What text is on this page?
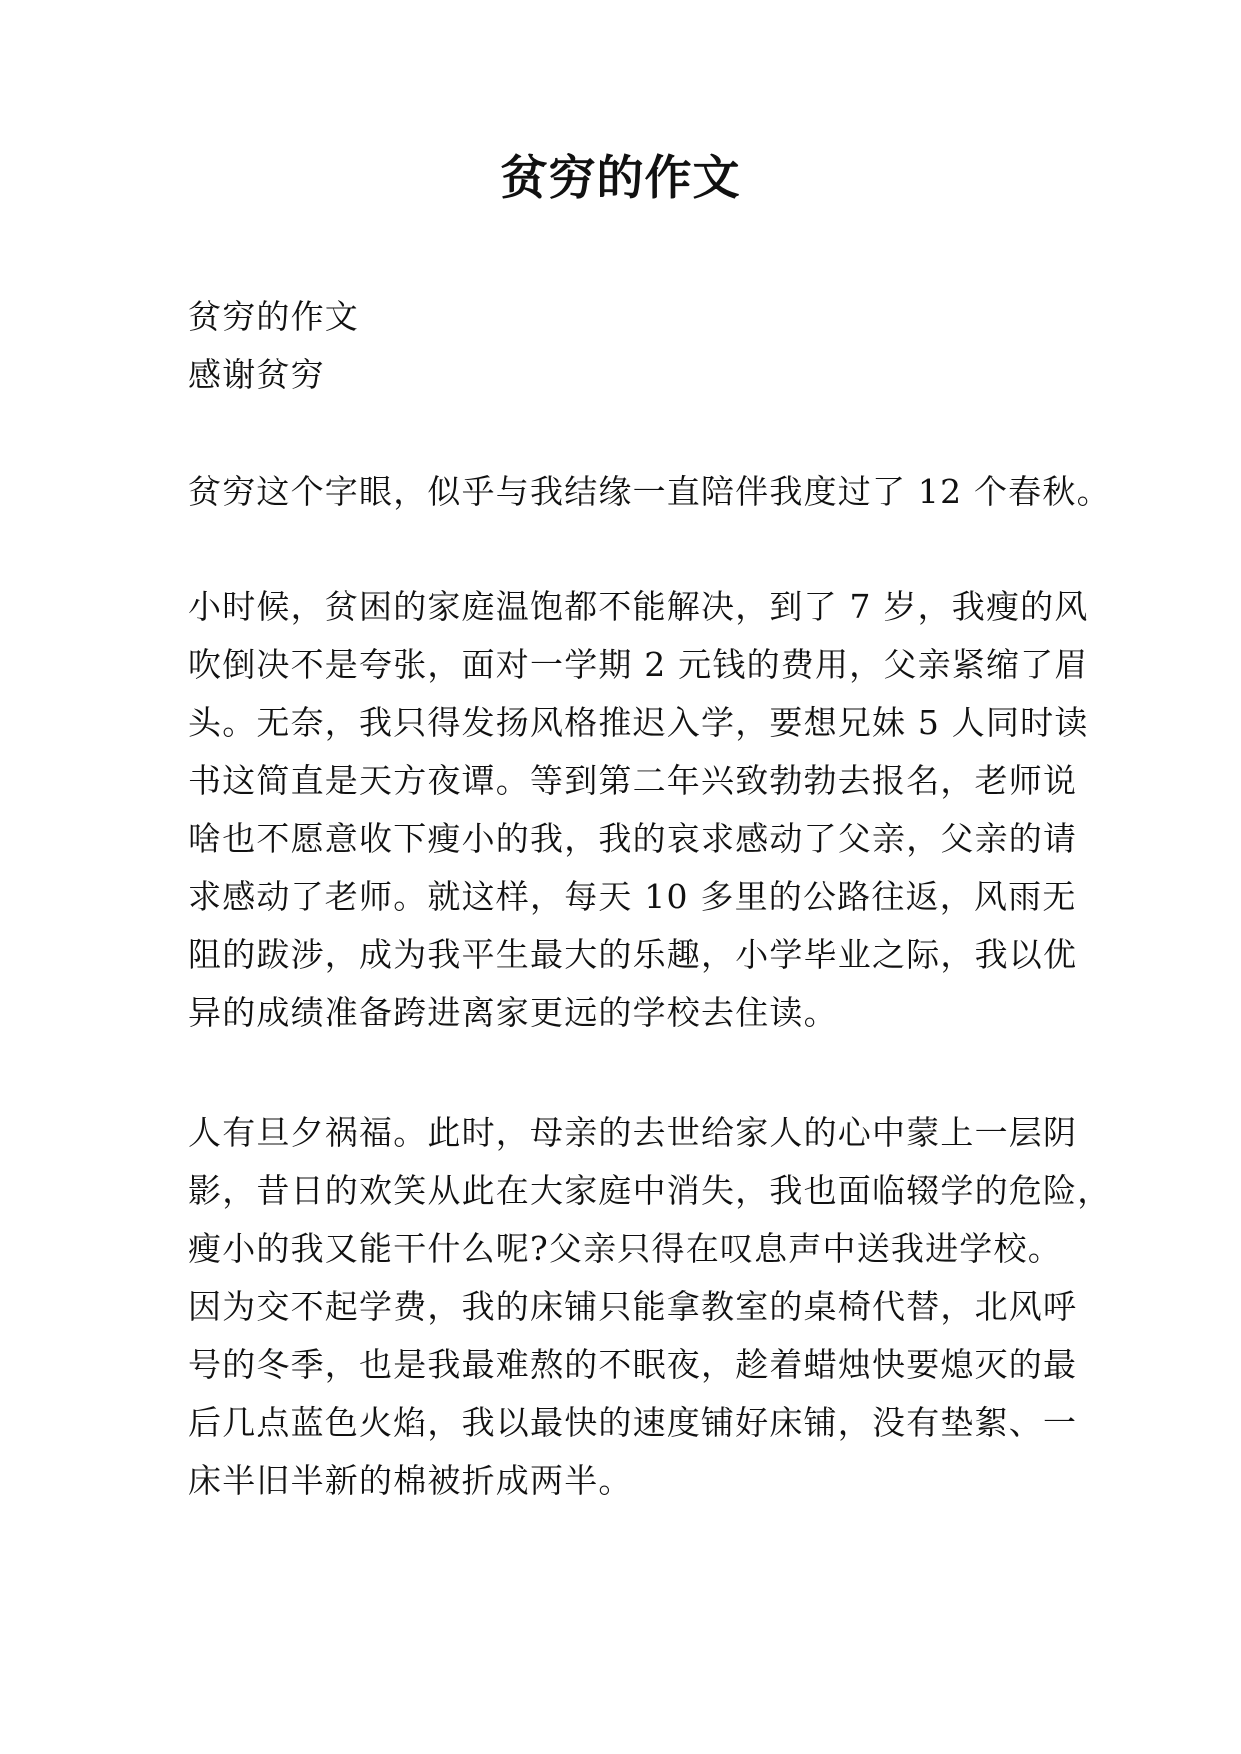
贫穷的作文
贫穷的作文
感谢贫穷

贫穷这个字眼，似乎与我结缘一直陪伴我度过了 12 个春秋。

小时候，贫困的家庭温饱都不能解决，到了 7 岁，我瘦的风
吹倒决不是夸张，面对一学期 2 元钱的费用，父亲紧缩了眉
头。无奈，我只得发扬风格推迟入学，要想兄妹 5 人同时读
书这简直是天方夜谭。等到第二年兴致勃勃去报名，老师说
啥也不愿意收下瘦小的我，我的哀求感动了父亲，父亲的请
求感动了老师。就这样，每天 10 多里的公路往返，风雨无
阻的跋涉，成为我平生最大的乐趣，小学毕业之际，我以优
异的成绩准备跨进离家更远的学校去住读。

人有旦夕祸福。此时，母亲的去世给家人的心中蒙上一层阴
影，昔日的欢笑从此在大家庭中消失，我也面临辍学的危险，
瘦小的我又能干什么呢?父亲只得在叹息声中送我进学校。
因为交不起学费，我的床铺只能拿教室的桌椅代替，北风呼
号的冬季，也是我最难熬的不眠夜，趁着蜡烛快要熄灭的最
后几点蓝色火焰，我以最快的速度铺好床铺，没有垫絮、一
床半旧半新的棉被折成两半。
